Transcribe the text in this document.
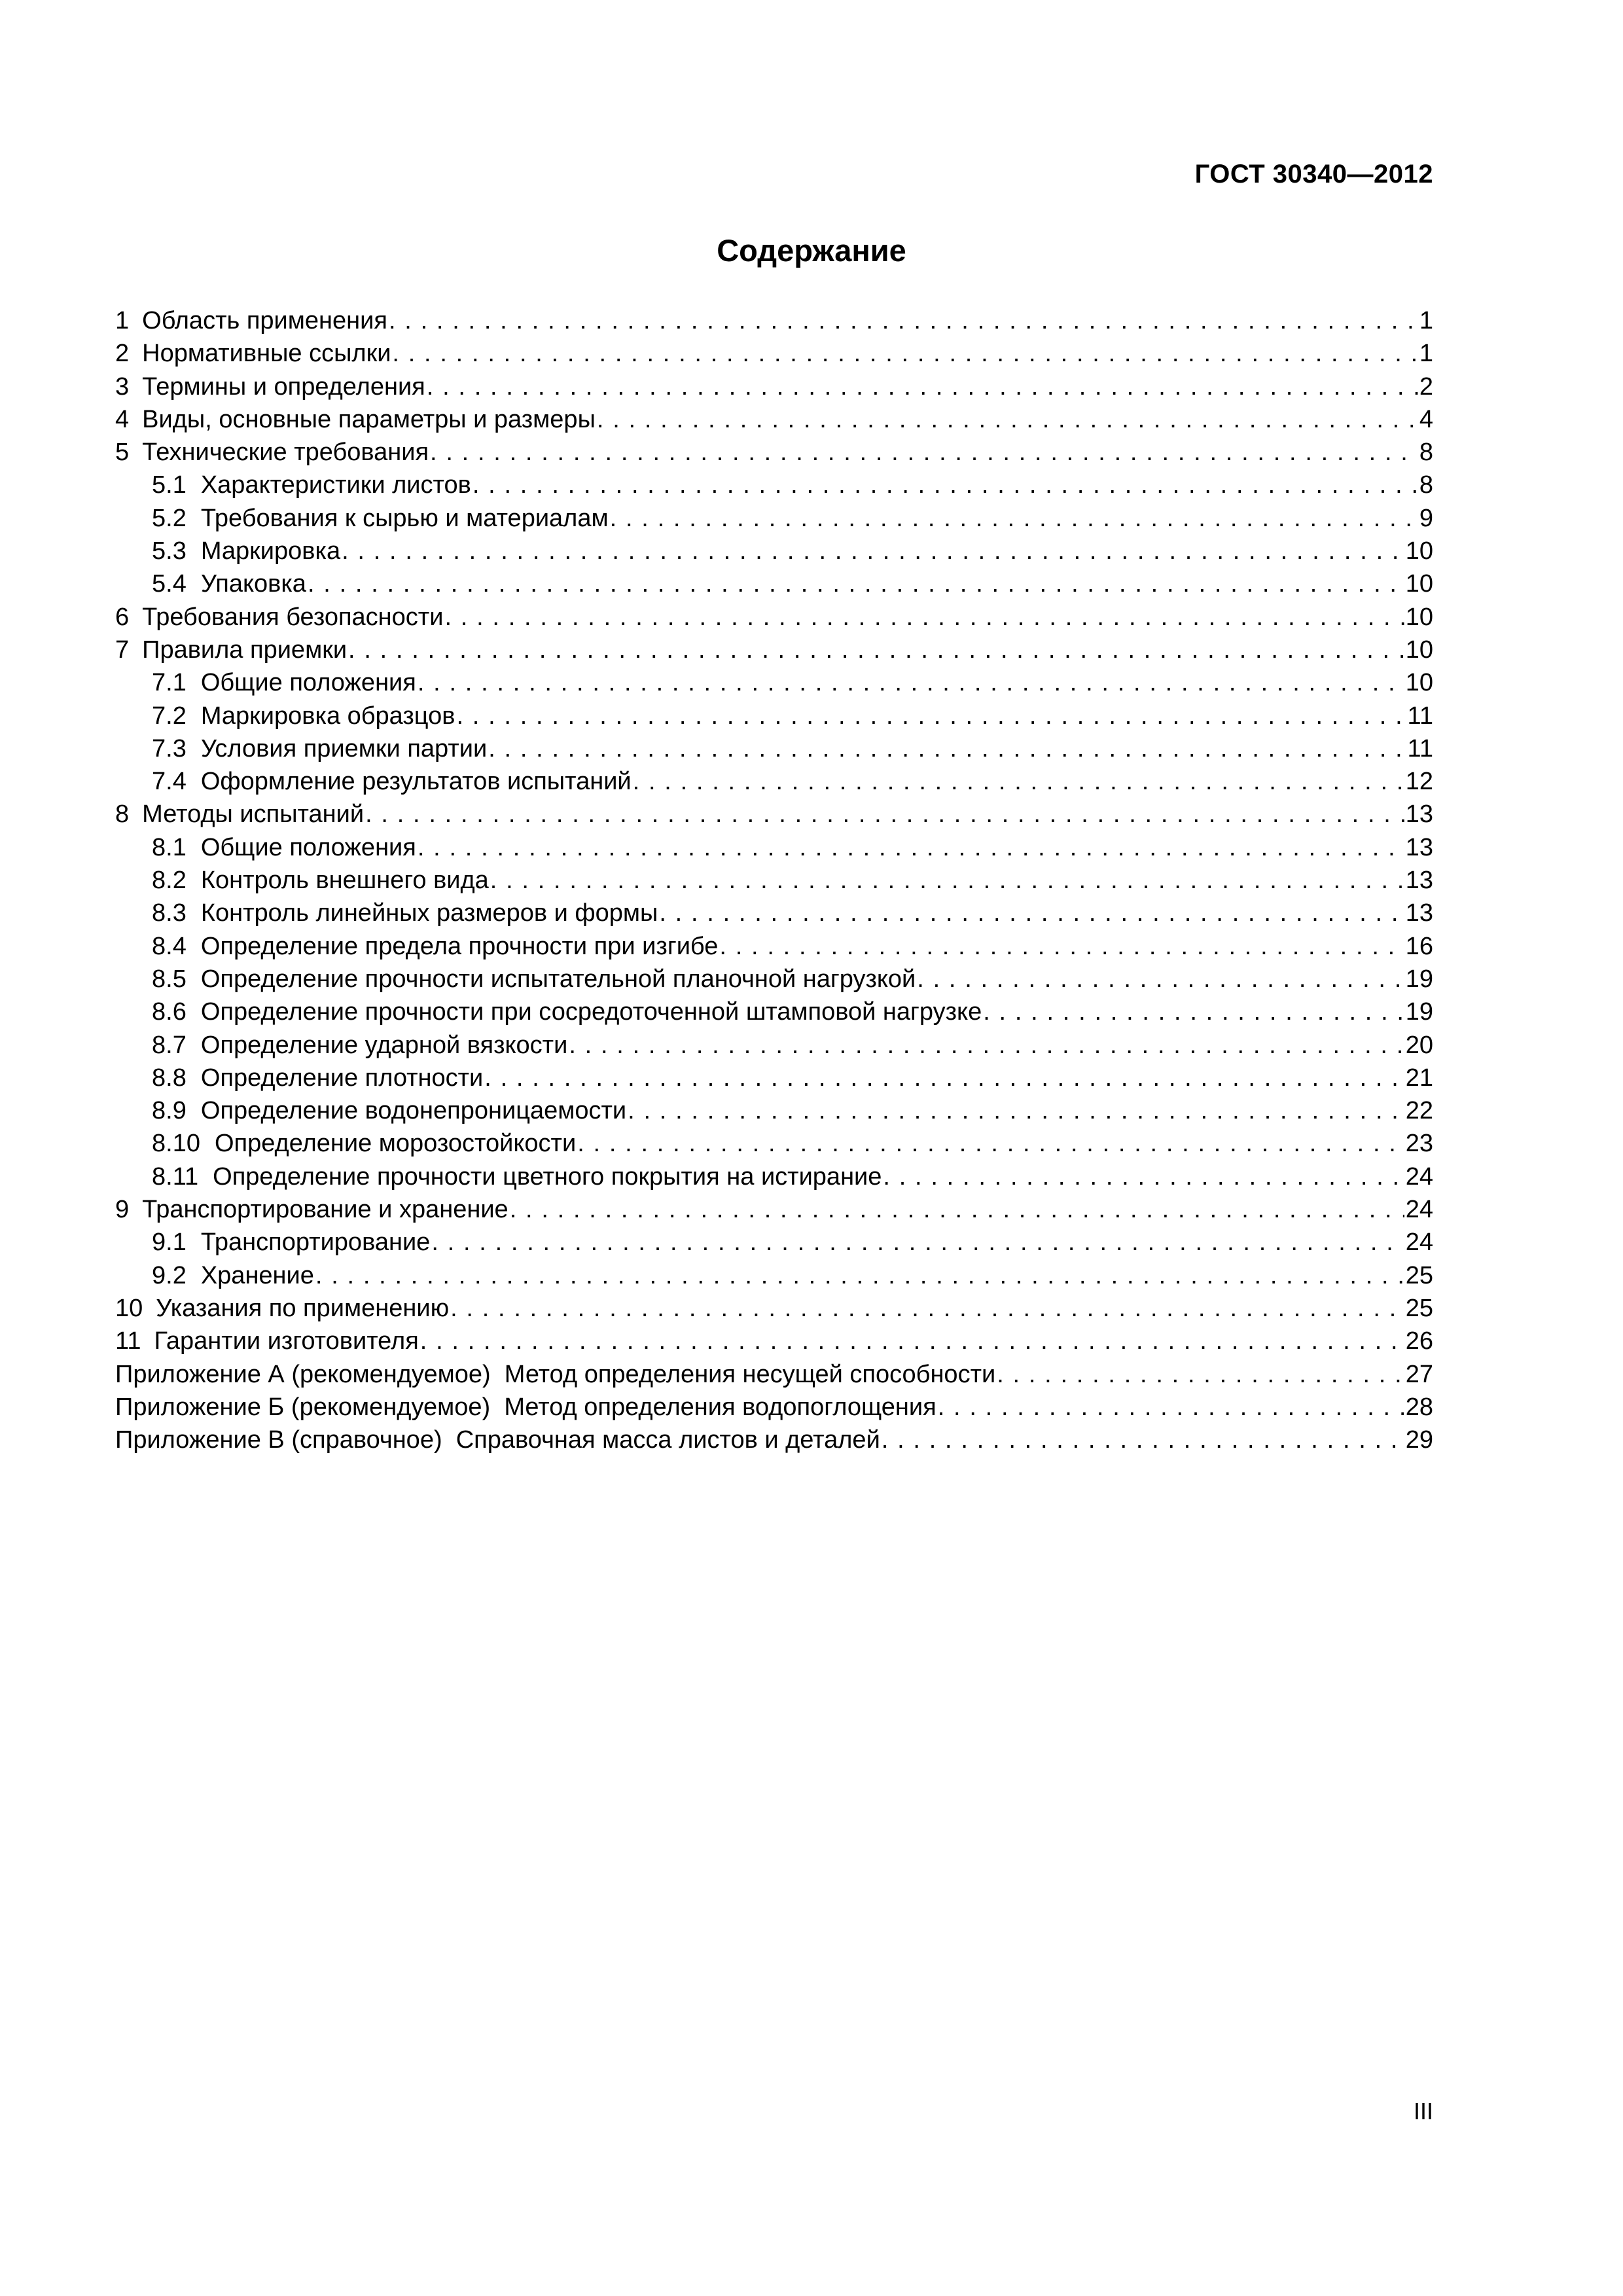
ГОСТ 30340—2012
Содержание
1 Область применения . . .	1
2 Нормативные ссылки . . .	1
3 Термины и определения . . .	2
4 Виды, основные параметры и размеры . . .	4
5 Технические требования . . .	8
5.1 Характеристики листов . . .	8
5.2 Требования к сырью и материалам . . .	9
5.3 Маркировка . . .	10
5.4 Упаковка . . .	10
6 Требования безопасности . . .	10
7 Правила приемки . . .	10
7.1 Общие положения . . .	10
7.2 Маркировка образцов . . .	11
7.3 Условия приемки партии . . .	11
7.4 Оформление результатов испытаний . . .	12
8 Методы испытаний . . .	13
8.1 Общие положения . . .	13
8.2 Контроль внешнего вида . . .	13
8.3 Контроль линейных размеров и формы . . .	13
8.4 Определение предела прочности при изгибе . . .	16
8.5 Определение прочности испытательной планочной нагрузкой . . .	19
8.6 Определение прочности при сосредоточенной штамповой нагрузке . . .	19
8.7 Определение ударной вязкости . . .	20
8.8 Определение плотности . . .	21
8.9 Определение водонепроницаемости . . .	22
8.10 Определение морозостойкости . . .	23
8.11 Определение прочности цветного покрытия на истирание . . .	24
9 Транспортирование и хранение . . .	24
9.1 Транспортирование . . .	24
9.2 Хранение . . .	25
10 Указания по применению . . .	25
11 Гарантии изготовителя . . .	26
Приложение А (рекомендуемое)  Метод определения несущей способности . . .	27
Приложение Б (рекомендуемое)  Метод определения водопоглощения . . .	28
Приложение В (справочное)  Справочная масса листов и деталей . . .	29
III
